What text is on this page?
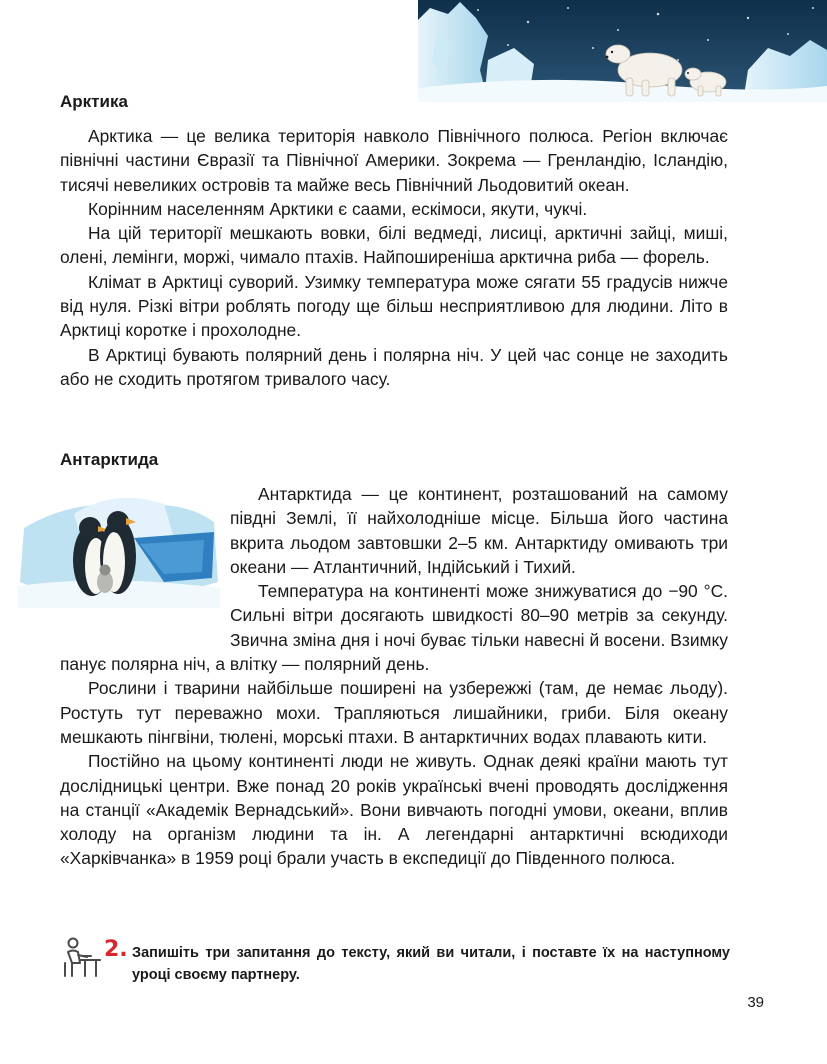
Арктика

Арктика — це велика територія навколо Північного полюса. Регіон включає північні частини Євразії та Північної Америки. Зокрема — Гренландію, Ісландію, тисячі невеликих островів та майже весь Північний Льодовитий океан.

Корінним населенням Арктики є саами, ескімоси, якути, чукчі.

На цій території мешкають вовки, білі ведмеді, лисиці, арктичні зайці, миші, олені, лемінги, моржі, чимало птахів. Найпоширеніша арктична риба — форель.

Клімат в Арктиці суворий. Узимку температура може сягати 55 градусів нижче від нуля. Різкі вітри роблять погоду ще більш несприятливою для людини. Літо в Арктиці коротке і прохолодне.

В Арктиці бувають полярний день і полярна ніч. У цей час сонце не заходить або не сходить протягом тривалого часу.

Антарктида

Антарктида — це континент, розташований на самому півдні Землі, її найхолодніше місце. Більша його частина вкрита льодом завтовшки 2–5 км. Антарктиду омивають три океани — Атлантичний, Індійський і Тихий.

Температура на континенті може знижуватися до −90 °С. Сильні вітри досягають швидкості 80–90 метрів за секунду. Звична зміна дня і ночі буває тільки навесні й восени. Взимку панує полярна ніч, а влітку — полярний день.

Рослини і тварини найбільше поширені на узбережжі (там, де немає льоду). Ростуть тут переважно мохи. Трапляються лишайники, гриби. Біля океану мешкають пінгвіни, тюлені, морські птахи. В антарктичних водах плавають кити.

Постійно на цьому континенті люди не живуть. Однак деякі країни мають тут дослідницькі центри. Вже понад 20 років українські вчені проводять дослідження на станції «Академік Вернадський». Вони вивчають погодні умови, океани, вплив холоду на організм людини та ін. А легендарні антарктичні всюдиходи «Харківчанка» в 1959 році брали участь в експедиції до Південного полюса.

2. Запишіть три запитання до тексту, який ви читали, і поставте їх на наступному уроці своєму партнеру.

39
